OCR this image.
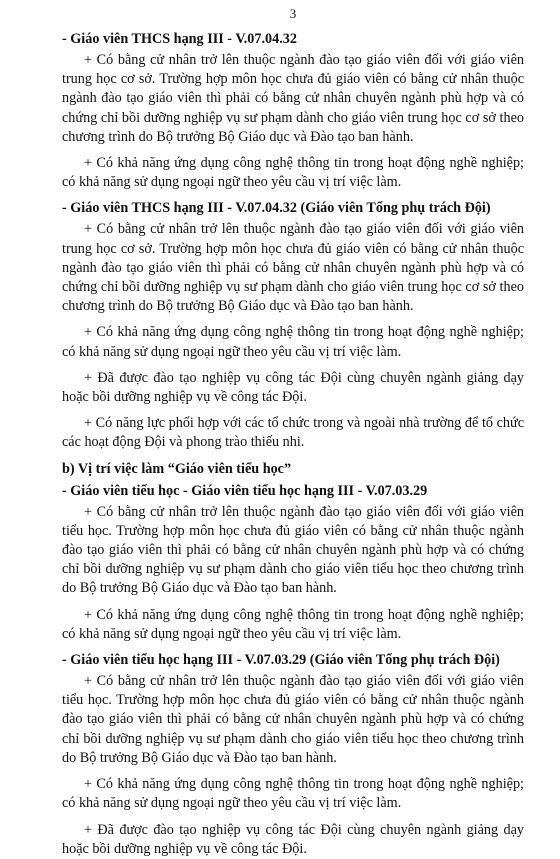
3
- Giáo viên THCS hạng III - V.07.04.32

+ Có bằng cử nhân trở lên thuộc ngành đào tạo giáo viên đối với giáo viên trung học cơ sở. Trường hợp môn học chưa đủ giáo viên có bằng cử nhân thuộc ngành đào tạo giáo viên thì phải có bằng cử nhân chuyên ngành phù hợp và có chứng chỉ bồi dưỡng nghiệp vụ sư phạm dành cho giáo viên trung học cơ sở theo chương trình do Bộ trưởng Bộ Giáo dục và Đào tạo ban hành.

+ Có khả năng ứng dụng công nghệ thông tin trong hoạt động nghề nghiệp; có khả năng sử dụng ngoại ngữ theo yêu cầu vị trí việc làm.

- Giáo viên THCS hạng III - V.07.04.32 (Giáo viên Tổng phụ trách Đội)

+ Có bằng cử nhân trở lên thuộc ngành đào tạo giáo viên đối với giáo viên trung học cơ sở. Trường hợp môn học chưa đủ giáo viên có bằng cử nhân thuộc ngành đào tạo giáo viên thì phải có bằng cử nhân chuyên ngành phù hợp và có chứng chỉ bồi dưỡng nghiệp vụ sư phạm dành cho giáo viên trung học cơ sở theo chương trình do Bộ trưởng Bộ Giáo dục và Đào tạo ban hành.

+ Có khả năng ứng dụng công nghệ thông tin trong hoạt động nghề nghiệp; có khả năng sử dụng ngoại ngữ theo yêu cầu vị trí việc làm.

+ Đã được đào tạo nghiệp vụ công tác Đội cùng chuyên ngành giảng dạy hoặc bồi dưỡng nghiệp vụ về công tác Đội.

+ Có năng lực phối hợp với các tổ chức trong và ngoài nhà trường để tổ chức các hoạt động Đội và phong trào thiếu nhi.

b) Vị trí việc làm “Giáo viên tiểu học”
- Giáo viên tiểu học - Giáo viên tiểu học hạng III - V.07.03.29

+ Có bằng cử nhân trở lên thuộc ngành đào tạo giáo viên đối với giáo viên tiểu học. Trường hợp môn học chưa đủ giáo viên có bằng cử nhân thuộc ngành đào tạo giáo viên thì phải có bằng cử nhân chuyên ngành phù hợp và có chứng chỉ bồi dưỡng nghiệp vụ sư phạm dành cho giáo viên tiểu học theo chương trình do Bộ trưởng Bộ Giáo dục và Đào tạo ban hành.

+ Có khả năng ứng dụng công nghệ thông tin trong hoạt động nghề nghiệp; có khả năng sử dụng ngoại ngữ theo yêu cầu vị trí việc làm.

- Giáo viên tiểu học hạng III - V.07.03.29 (Giáo viên Tổng phụ trách Đội)

+ Có bằng cử nhân trở lên thuộc ngành đào tạo giáo viên đối với giáo viên tiểu học. Trường hợp môn học chưa đủ giáo viên có bằng cử nhân thuộc ngành đào tạo giáo viên thì phải có bằng cử nhân chuyên ngành phù hợp và có chứng chỉ bồi dưỡng nghiệp vụ sư phạm dành cho giáo viên tiểu học theo chương trình do Bộ trưởng Bộ Giáo dục và Đào tạo ban hành.

+ Có khả năng ứng dụng công nghệ thông tin trong hoạt động nghề nghiệp; có khả năng sử dụng ngoại ngữ theo yêu cầu vị trí việc làm.

+ Đã được đào tạo nghiệp vụ công tác Đội cùng chuyên ngành giảng dạy hoặc bồi dưỡng nghiệp vụ về công tác Đội.
